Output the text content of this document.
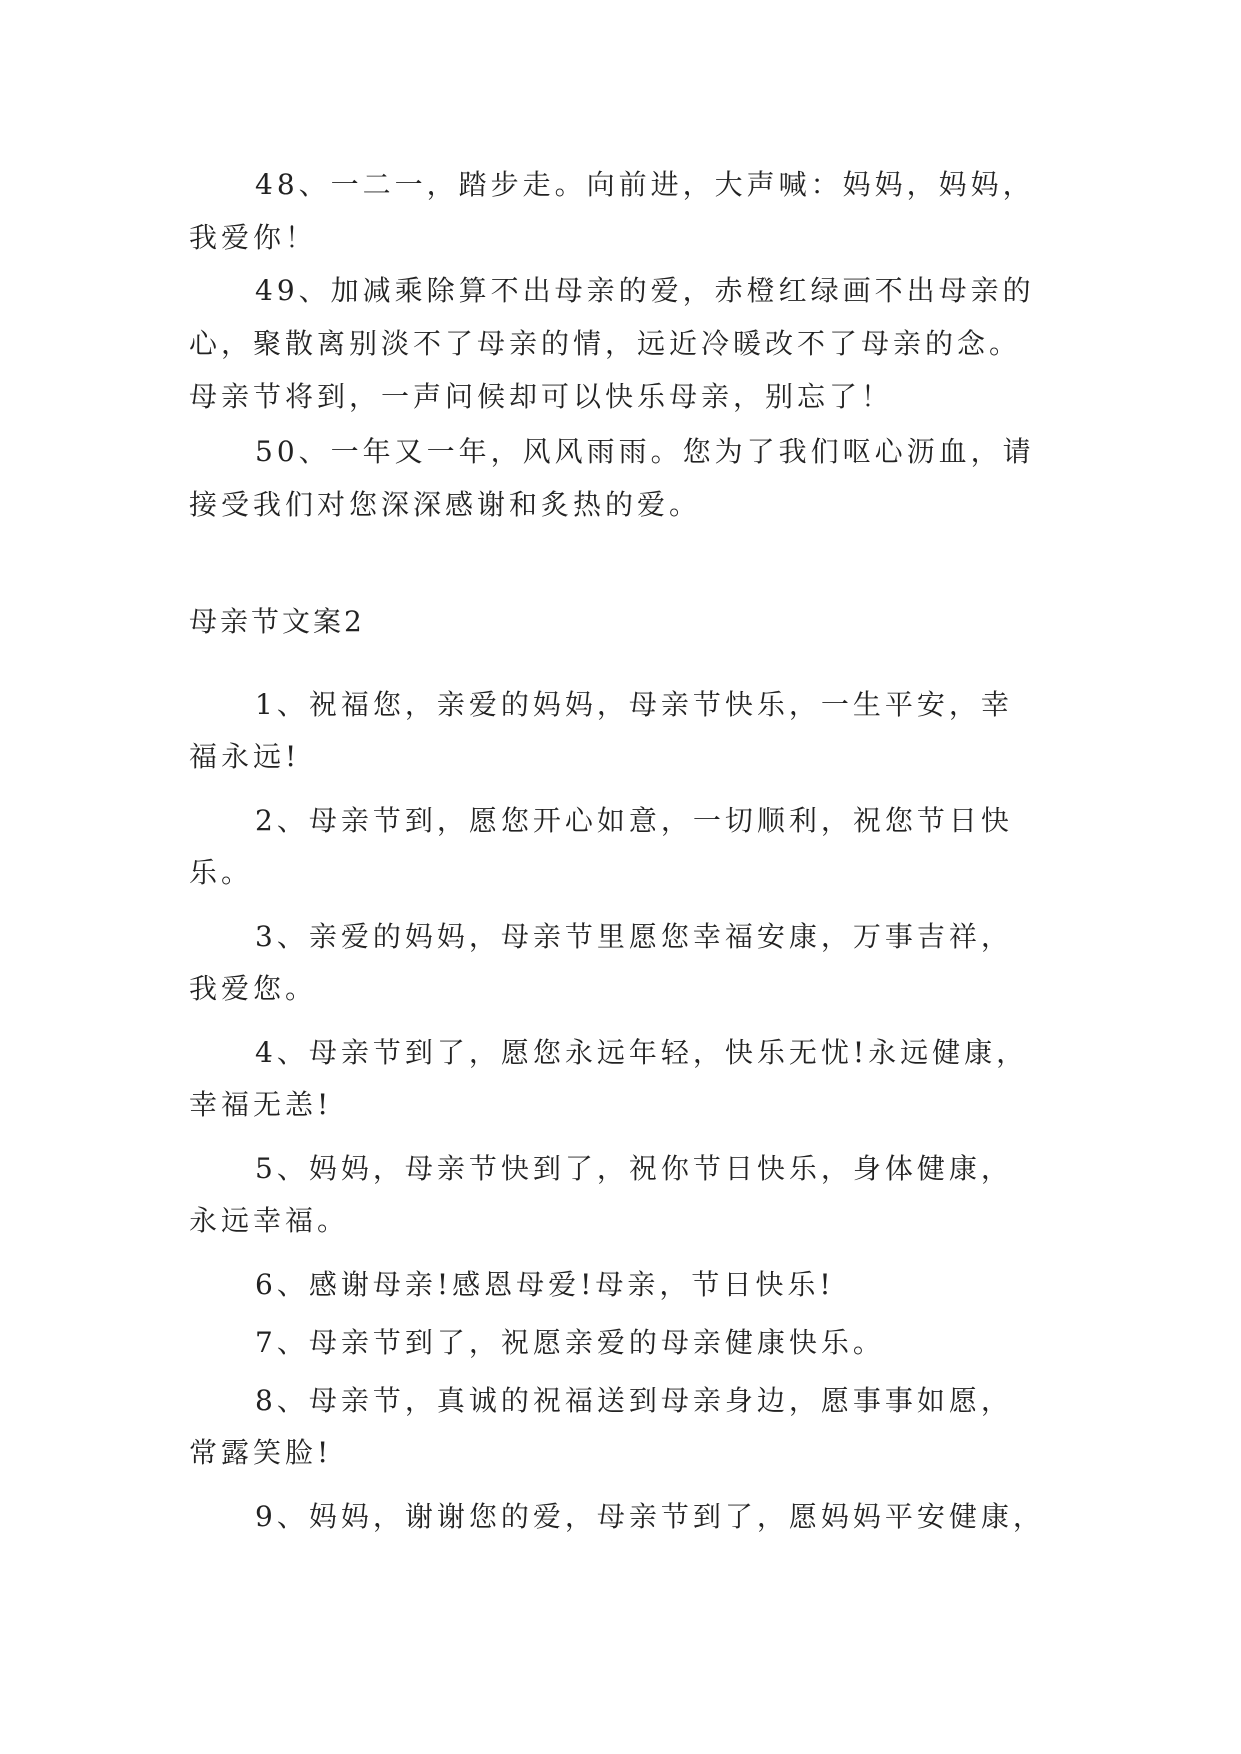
48、一二一，踏步走。向前进，大声喊：妈妈，妈妈，
我爱你！
49、加减乘除算不出母亲的爱，赤橙红绿画不出母亲的
心，聚散离别淡不了母亲的情，远近冷暖改不了母亲的念。
母亲节将到，一声问候却可以快乐母亲，别忘了！
50、一年又一年，风风雨雨。您为了我们呕心沥血，请
接受我们对您深深感谢和炙热的爱。
母亲节文案2
1、祝福您，亲爱的妈妈，母亲节快乐，一生平安，幸
福永远!
2、母亲节到，愿您开心如意，一切顺利，祝您节日快
乐。
3、亲爱的妈妈，母亲节里愿您幸福安康，万事吉祥，
我爱您。
4、母亲节到了，愿您永远年轻，快乐无忧!永远健康，
幸福无恙!
5、妈妈，母亲节快到了，祝你节日快乐，身体健康，
永远幸福。
6、感谢母亲!感恩母爱!母亲，节日快乐!
7、母亲节到了，祝愿亲爱的母亲健康快乐。
8、母亲节，真诚的祝福送到母亲身边，愿事事如愿，
常露笑脸!
9、妈妈，谢谢您的爱，母亲节到了，愿妈妈平安健康，
